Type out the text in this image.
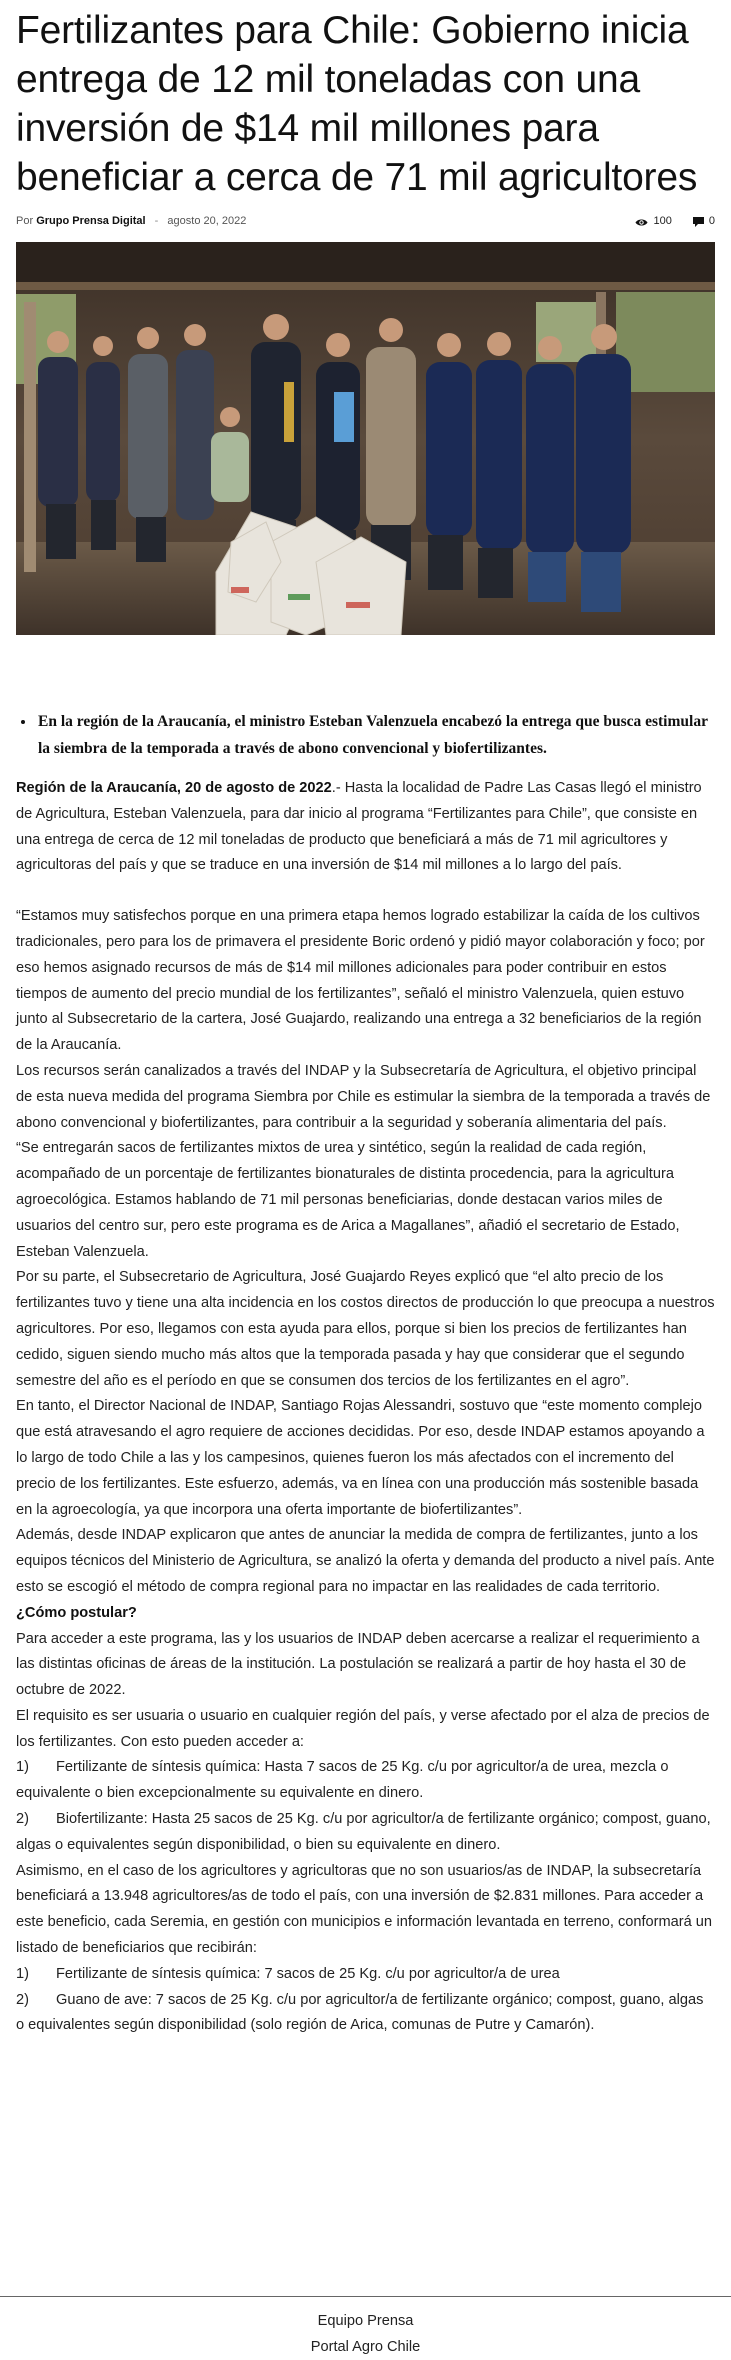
Fertilizantes para Chile: Gobierno inicia entrega de 12 mil toneladas con una inversión de $14 mil millones para beneficiar a cerca de 71 mil agricultores
Por Grupo Prensa Digital - agosto 20, 2022	100	0
• En la región de la Araucanía, el ministro Esteban Valenzuela encabezó la entrega que busca estimular la siembra de la temporada a través de abono convencional y biofertilizantes.

Región de la Araucanía, 20 de agosto de 2022.- Hasta la localidad de Padre Las Casas llegó el ministro de Agricultura, Esteban Valenzuela, para dar inicio al programa “Fertilizantes para Chile”, que consiste en una entrega de cerca de 12 mil toneladas de producto que beneficiará a más de 71 mil agricultores y agricultoras del país y que se traduce en una inversión de $14 mil millones a lo largo del país.

“Estamos muy satisfechos porque en una primera etapa hemos logrado estabilizar la caída de los cultivos tradicionales, pero para los de primavera el presidente Boric ordenó y pidió mayor colaboración y foco; por eso hemos asignado recursos de más de $14 mil millones adicionales para poder contribuir en estos tiempos de aumento del precio mundial de los fertilizantes”, señaló el ministro Valenzuela, quien estuvo junto al Subsecretario de la cartera, José Guajardo, realizando una entrega a 32 beneficiarios de la región de la Araucanía.

Los recursos serán canalizados a través del INDAP y la Subsecretaría de Agricultura, el objetivo principal de esta nueva medida del programa Siembra por Chile es estimular la siembra de la temporada a través de abono convencional y biofertilizantes, para contribuir a la seguridad y soberanía alimentaria del país.

“Se entregarán sacos de fertilizantes mixtos de urea y sintético, según la realidad de cada región, acompañado de un porcentaje de fertilizantes bionaturales de distinta procedencia, para la agricultura agroecológica. Estamos hablando de 71 mil personas beneficiarias, donde destacan varios miles de usuarios del centro sur, pero este programa es de Arica a Magallanes”, añadió el secretario de Estado, Esteban Valenzuela.

Por su parte, el Subsecretario de Agricultura, José Guajardo Reyes explicó que “el alto precio de los fertilizantes tuvo y tiene una alta incidencia en los costos directos de producción lo que preocupa a nuestros agricultores. Por eso, llegamos con esta ayuda para ellos, porque si bien los precios de fertilizantes han cedido, siguen siendo mucho más altos que la temporada pasada y hay que considerar que el segundo semestre del año es el período en que se consumen dos tercios de los fertilizantes en el agro”.

En tanto, el Director Nacional de INDAP, Santiago Rojas Alessandri, sostuvo que “este momento complejo que está atravesando el agro requiere de acciones decididas. Por eso, desde INDAP estamos apoyando a lo largo de todo Chile a las y los campesinos, quienes fueron los más afectados con el incremento del precio de los fertilizantes. Este esfuerzo, además, va en línea con una producción más sostenible basada en la agroecología, ya que incorpora una oferta importante de biofertilizantes”.

Además, desde INDAP explicaron que antes de anunciar la medida de compra de fertilizantes, junto a los equipos técnicos del Ministerio de Agricultura, se analizó la oferta y demanda del producto a nivel país. Ante esto se escogió el método de compra regional para no impactar en las realidades de cada territorio.

¿Cómo postular?

Para acceder a este programa, las y los usuarios de INDAP deben acercarse a realizar el requerimiento a las distintas oficinas de áreas de la institución. La postulación se realizará a partir de hoy hasta el 30 de octubre de 2022.

El requisito es ser usuaria o usuario en cualquier región del país, y verse afectado por el alza de precios de los fertilizantes. Con esto pueden acceder a:

1) Fertilizante de síntesis química: Hasta 7 sacos de 25 Kg. c/u por agricultor/a de urea, mezcla o equivalente o bien excepcionalmente su equivalente en dinero.

2) Biofertilizante: Hasta 25 sacos de 25 Kg. c/u por agricultor/a de fertilizante orgánico; compost, guano, algas o equivalentes según disponibilidad, o bien su equivalente en dinero.

Asimismo, en el caso de los agricultores y agricultoras que no son usuarios/as de INDAP, la subsecretaría beneficiará a 13.948 agricultores/as de todo el país, con una inversión de $2.831 millones. Para acceder a este beneficio, cada Seremia, en gestión con municipios e información levantada en terreno, conformará un listado de beneficiarios que recibirán:

1) Fertilizante de síntesis química: 7 sacos de 25 Kg. c/u por agricultor/a de urea

2) Guano de ave: 7 sacos de 25 Kg. c/u por agricultor/a de fertilizante orgánico; compost, guano, algas o equivalentes según disponibilidad (solo región de Arica, comunas de Putre y Camarón).

Equipo Prensa
Portal Agro Chile
